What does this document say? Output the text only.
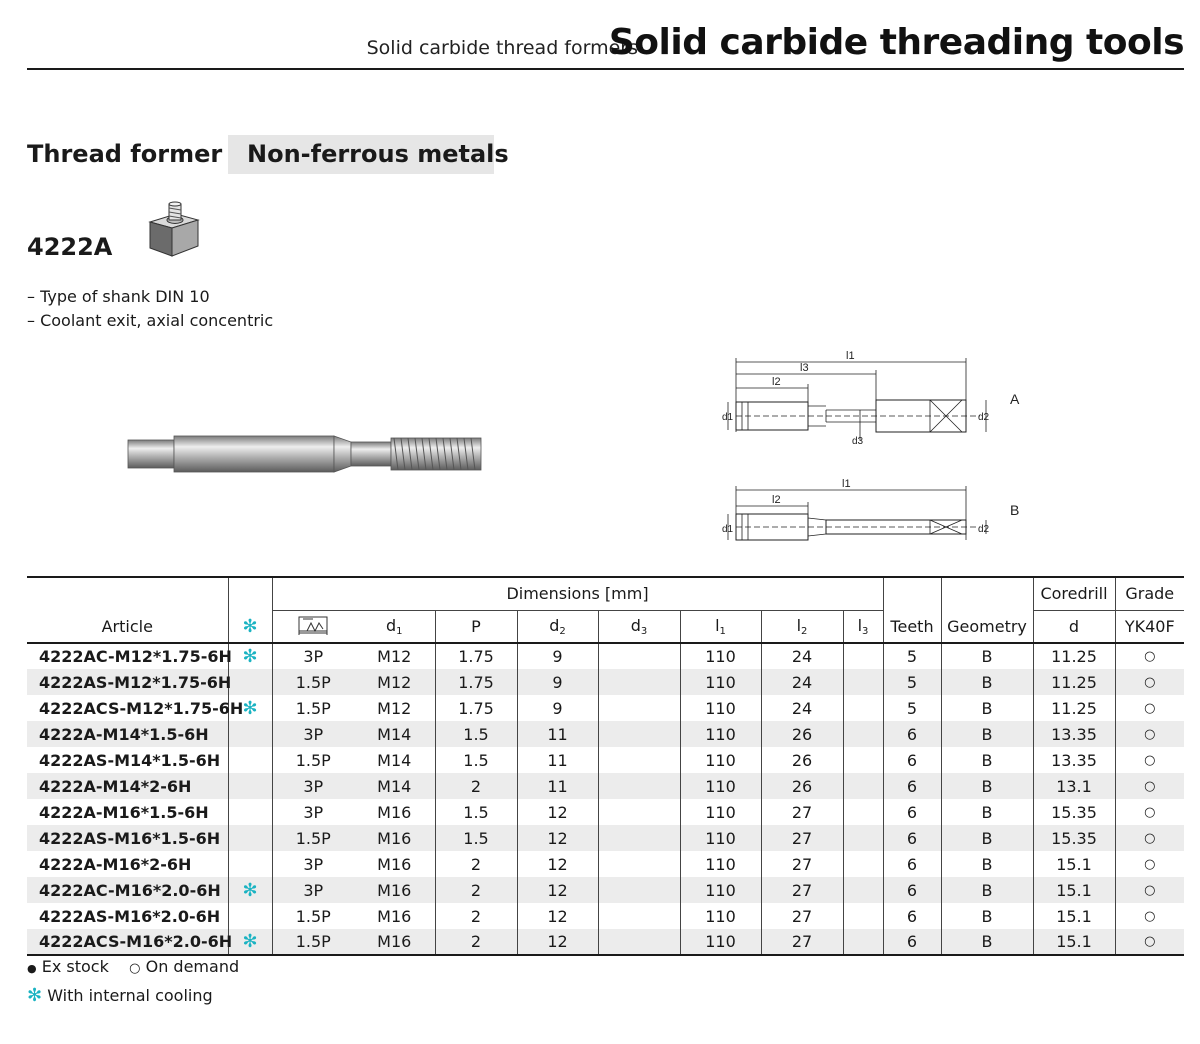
Solid carbide thread formers
Solid carbide threading tools
Thread former	Non-ferrous metals
4222A
– Type of shank DIN 10
– Coolant exit, axial concentric
l1
l3
l2
d1	d2
d3
A
l1
l2
d1	d2
B
		Dimensions [mm]										Coredrill	Grade
Article	✻		$d_1$	P	$d_2$	$d_3$	$l_1$	$l_2$	$l_3$	Teeth	Geometry	d	YK40F
4222AC-M12*1.75-6H	✻	3P	M12	1.75	9		110	24		5	B	11.25	○
4222AS-M12*1.75-6H		1.5P	M12	1.75	9		110	24		5	B	11.25	○
4222ACS-M12*1.75-6H	✻	1.5P	M12	1.75	9		110	24		5	B	11.25	○
4222A-M14*1.5-6H		3P	M14	1.5	11		110	26		6	B	13.35	○
4222AS-M14*1.5-6H		1.5P	M14	1.5	11		110	26		6	B	13.35	○
4222A-M14*2-6H		3P	M14	2	11		110	26		6	B	13.1	○
4222A-M16*1.5-6H		3P	M16	1.5	12		110	27		6	B	15.35	○
4222AS-M16*1.5-6H		1.5P	M16	1.5	12		110	27		6	B	15.35	○
4222A-M16*2-6H		3P	M16	2	12		110	27		6	B	15.1	○
4222AC-M16*2.0-6H	✻	3P	M16	2	12		110	27		6	B	15.1	○
4222AS-M16*2.0-6H		1.5P	M16	2	12		110	27		6	B	15.1	○
4222ACS-M16*2.0-6H	✻	1.5P	M16	2	12		110	27		6	B	15.1	○
● Ex stock ○ On demand
✻ With internal cooling
